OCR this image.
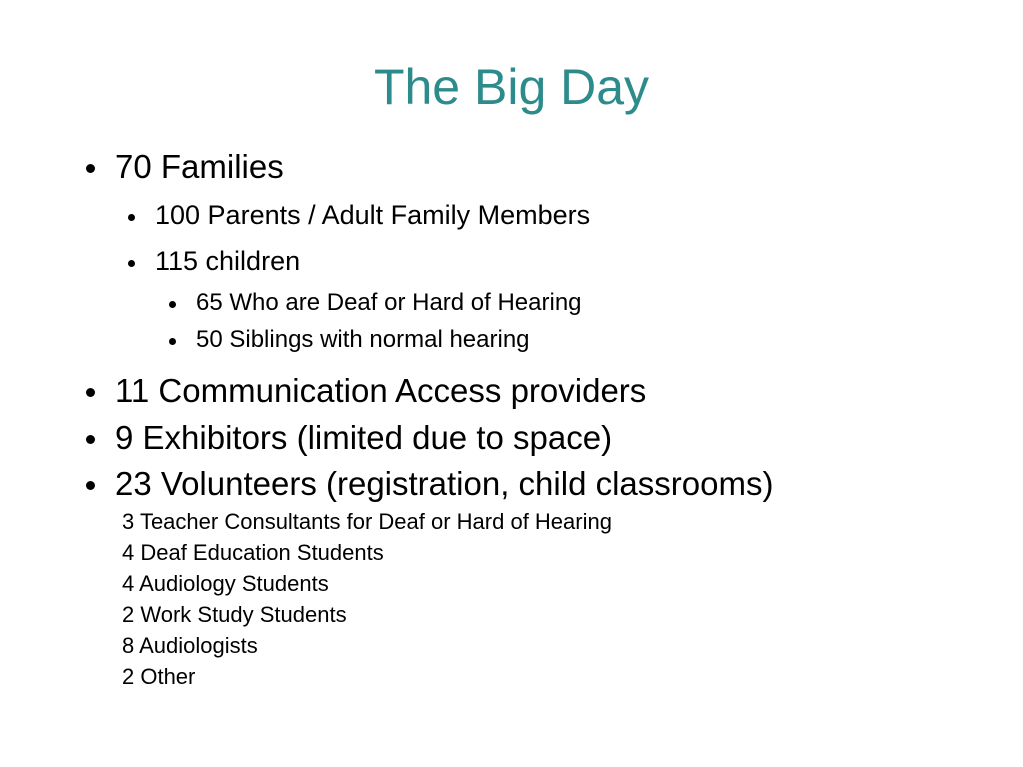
The Big Day
70 Families
100 Parents / Adult Family Members
115 children
65 Who are Deaf or Hard of Hearing
50 Siblings with normal hearing
11 Communication Access providers
9 Exhibitors (limited due to space)
23 Volunteers (registration, child classrooms)
3 Teacher Consultants for Deaf or Hard of Hearing
4 Deaf Education Students
4 Audiology Students
2 Work Study Students
8 Audiologists
2 Other
